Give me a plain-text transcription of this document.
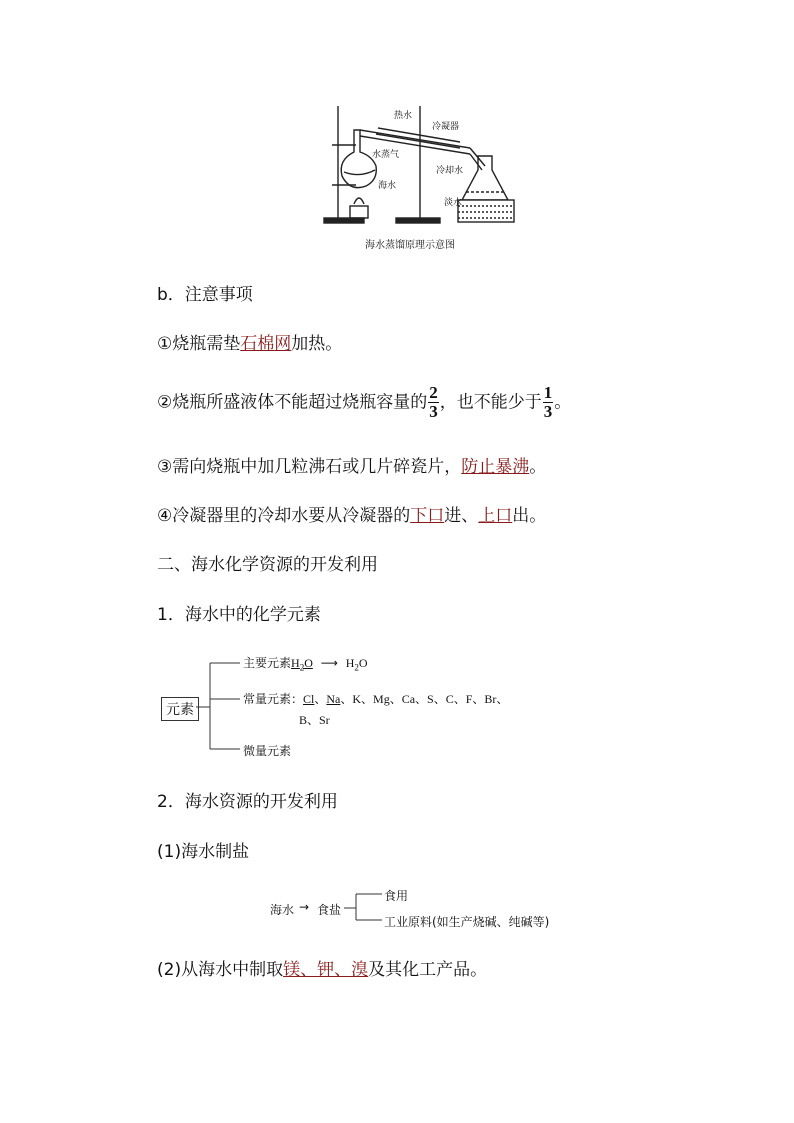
热水
冷凝器
水蒸气
海水
冷却水
淡水
海水蒸馏原理示意图
b．注意事项
①烧瓶需垫石棉网加热。
②烧瓶所盛液体不能超过烧瓶容量的 $\frac{2}{3}$ ，也不能少于 $\frac{1}{3}$ 。
③需向烧瓶中加几粒沸石或几片碎瓷片，防止暴沸。
④冷凝器里的冷却水要从冷凝器的下口进、上口出。
二、海水化学资源的开发利用
1．海水中的化学元素
元素
主要元素$H_2O$ ⟶ $H_2O$
常量元素：Cl、Na、K、Mg、Ca、S、C、F、Br、
B、Sr
微量元素
2．海水资源的开发利用
(1)海水制盐
海水 → 食盐
食用
工业原料(如生产烧碱、纯碱等)
(2)从海水中制取镁、钾、溴及其化工产品。
